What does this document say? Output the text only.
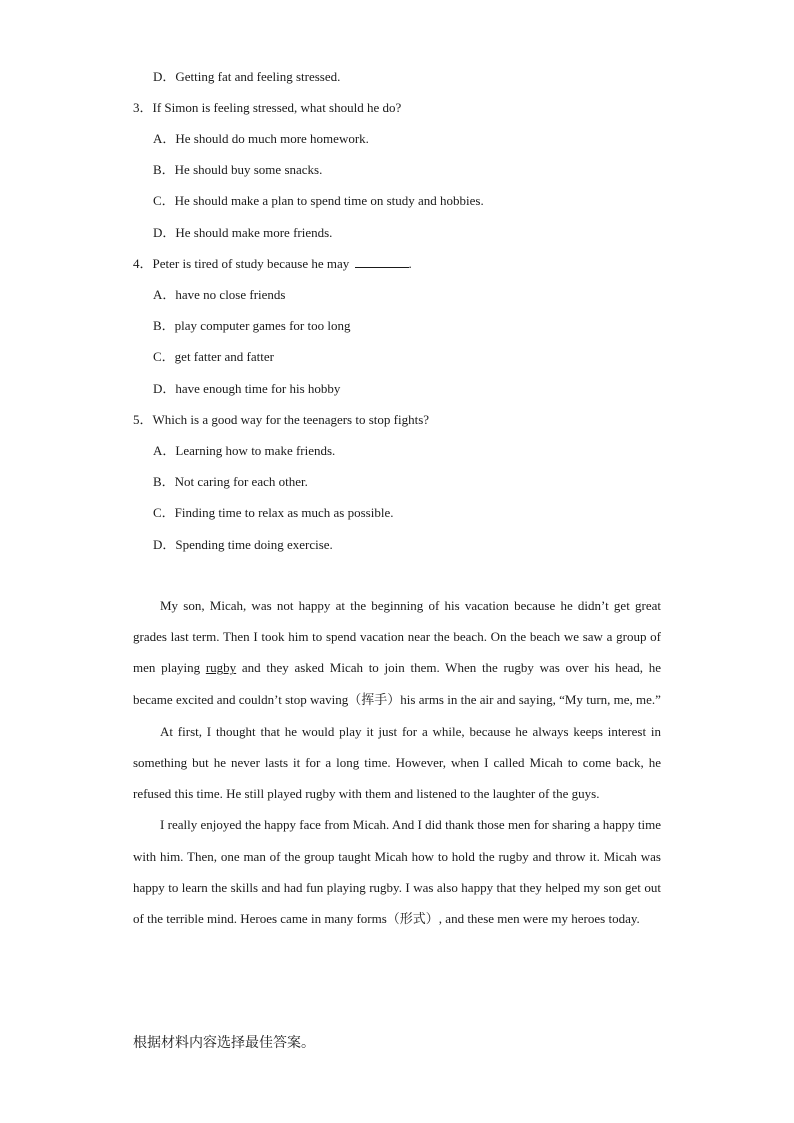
D．Getting fat and feeling stressed.
3．If Simon is feeling stressed, what should he do?
A．He should do much more homework.
B．He should buy some snacks.
C．He should make a plan to spend time on study and hobbies.
D．He should make more friends.
4．Peter is tired of study because he may	.
A．have no close friends
B．play computer games for too long
C．get fatter and fatter
D．have enough time for his hobby
5．Which is a good way for the teenagers to stop fights?
A．Learning how to make friends.
B．Not caring for each other.
C．Finding time to relax as much as possible.
D．Spending time doing exercise.

My son, Micah, was not happy at the beginning of his vacation because he didn’t get great grades last term. Then I took him to spend vacation near the beach. On the beach we saw a group of men playing rugby and they asked Micah to join them. When the rugby was over his head, he became excited and couldn’t stop waving（挥手）his arms in the air and saying, “My turn, me, me.”

At first, I thought that he would play it just for a while, because he always keeps interest in something but he never lasts it for a long time. However, when I called Micah to come back, he refused this time. He still played rugby with them and listened to the laughter of the guys.

I really enjoyed the happy face from Micah. And I did thank those men for sharing a happy time with him. Then, one man of the group taught Micah how to hold the rugby and throw it. Micah was happy to learn the skills and had fun playing rugby. I was also happy that they helped my son get out of the terrible mind. Heroes came in many forms（形式）, and these men were my heroes today.

根据材料内容选择最佳答案。
